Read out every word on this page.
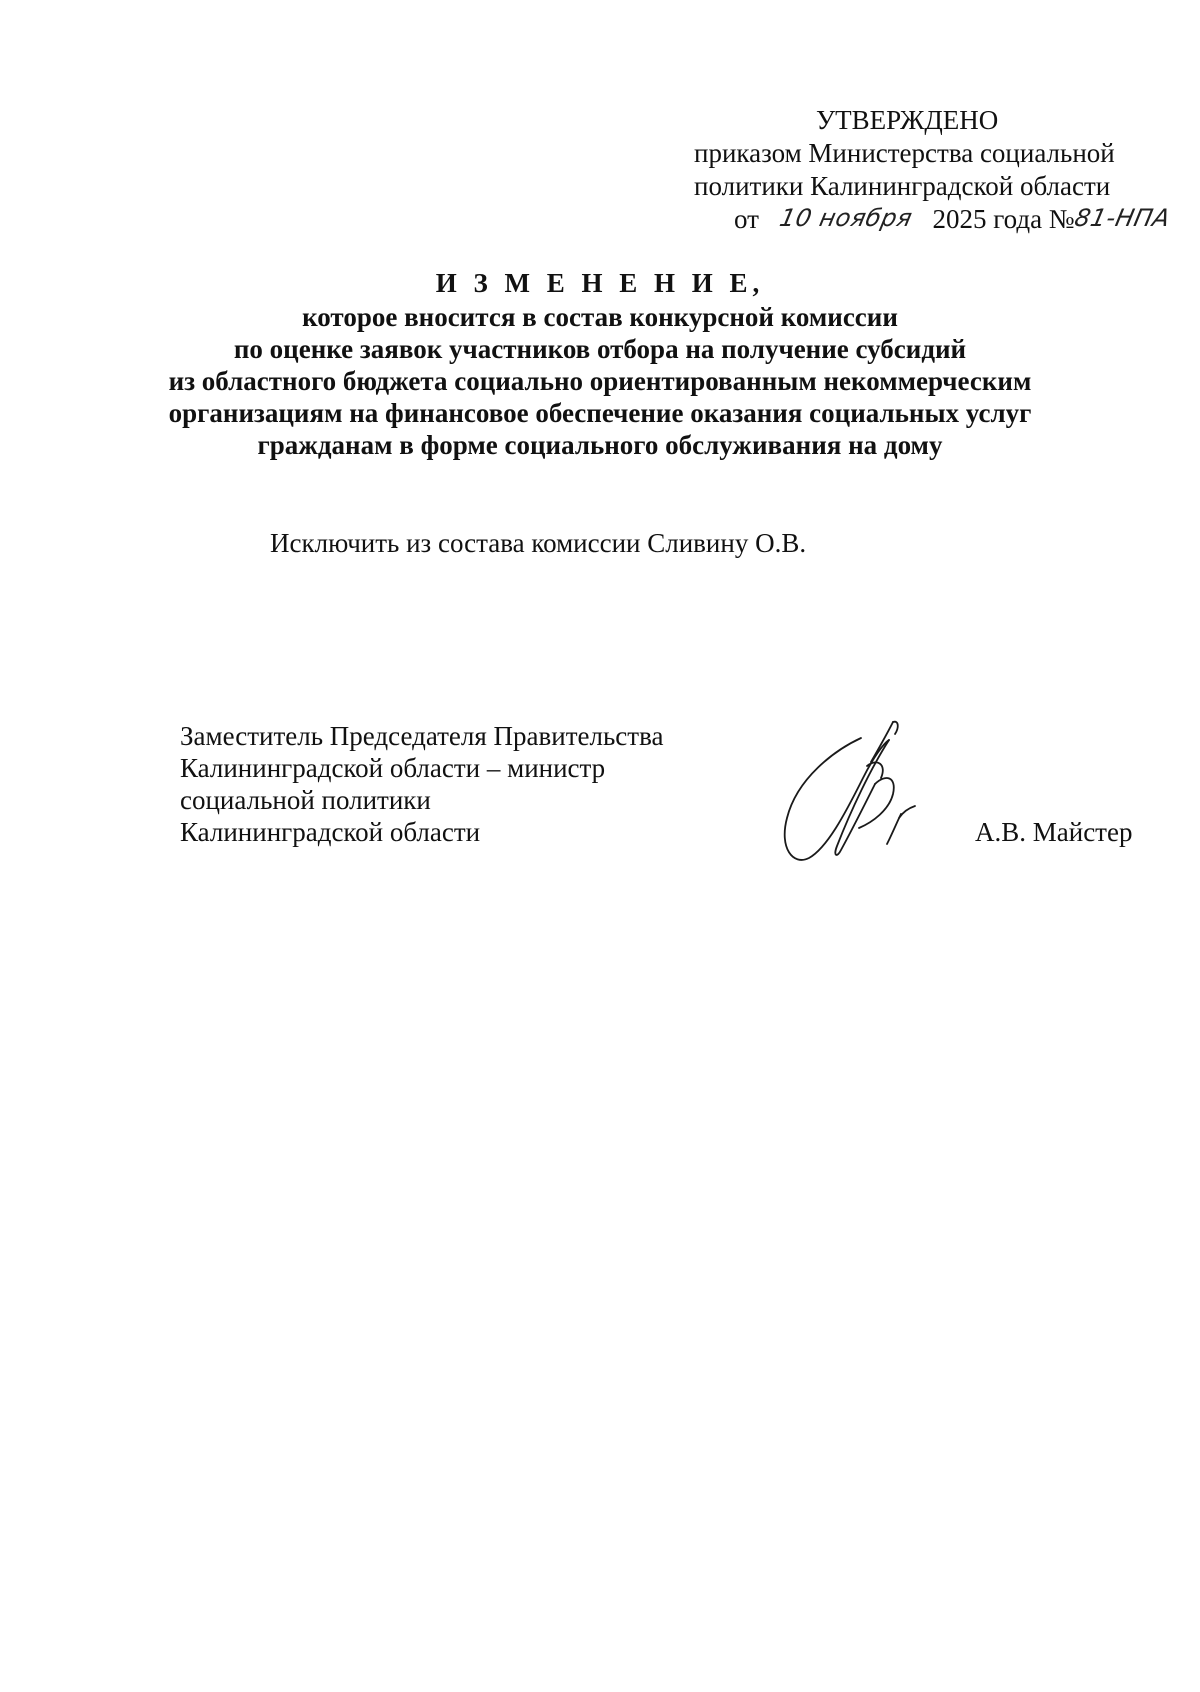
УТВЕРЖДЕНО
приказом Министерства социальной
политики Калининградской области
от 10 ноября 2025 года №81-НПА
И З М Е Н Е Н И Е,
которое вносится в состав конкурсной комиссии
по оценке заявок участников отбора на получение субсидий
из областного бюджета социально ориентированным некоммерческим
организациям на финансовое обеспечение оказания социальных услуг
гражданам в форме социального обслуживания на дому
Исключить из состава комиссии Сливину О.В.
Заместитель Председателя Правительства
Калининградской области – министр
социальной политики
Калининградской области	А.В. Майстер
